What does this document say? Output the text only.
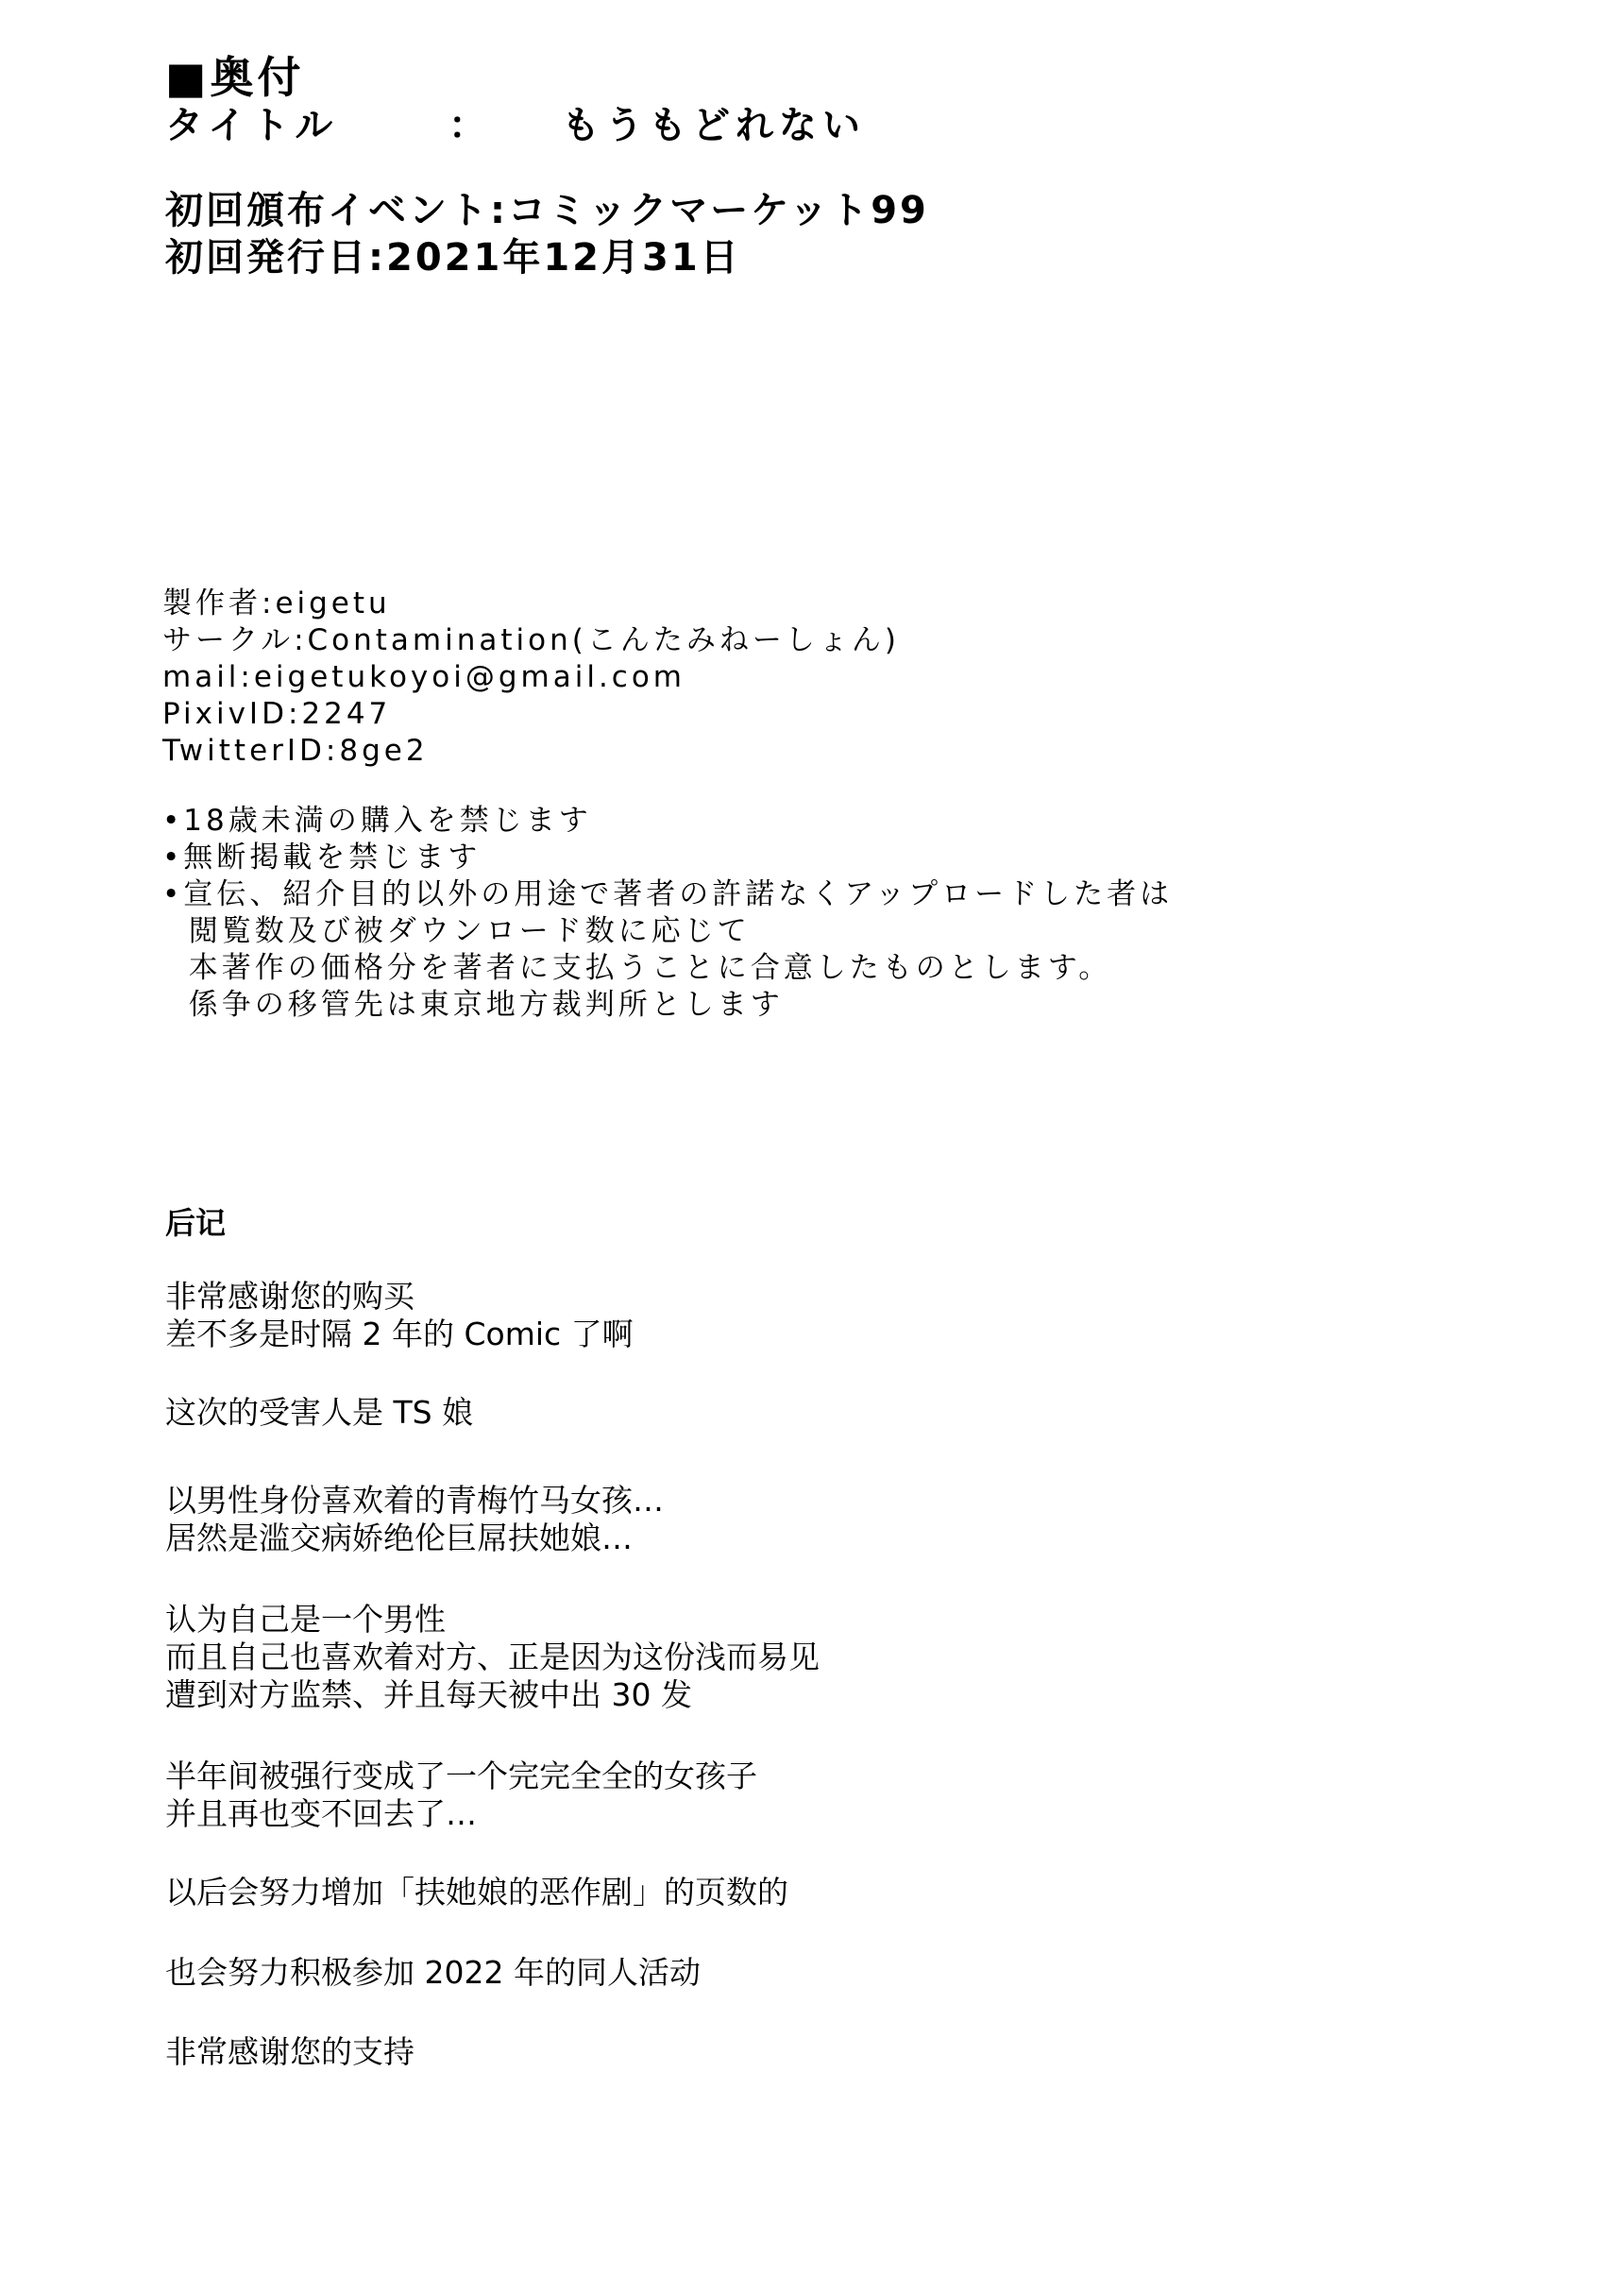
■奥付
タイトル	： もうもどれない
初回頒布イベント:コミックマーケット99
初回発行日:2021年12月31日
製作者:eigetu
サークル:Contamination(こんたみねーしょん)
mail:eigetukoyoi@gmail.com
PixivID:2247
TwitterID:8ge2
•18歳未満の購入を禁じます
•無断掲載を禁じます
•宣伝、紹介目的以外の用途で著者の許諾なくアップロードした者は
閲覧数及び被ダウンロード数に応じて
本著作の価格分を著者に支払うことに合意したものとします。
係争の移管先は東京地方裁判所とします
后记
非常感谢您的购买
差不多是时隔 2 年的 Comic 了啊
这次的受害人是 TS 娘
以男性身份喜欢着的青梅竹马女孩…
居然是滥交病娇绝伦巨屌扶她娘…
认为自己是一个男性
而且自己也喜欢着对方、正是因为这份浅而易见
遭到对方监禁、并且每天被中出 30 发
半年间被强行变成了一个完完全全的女孩子
并且再也变不回去了…
以后会努力增加「扶她娘的恶作剧」的页数的
也会努力积极参加 2022 年的同人活动
非常感谢您的支持
